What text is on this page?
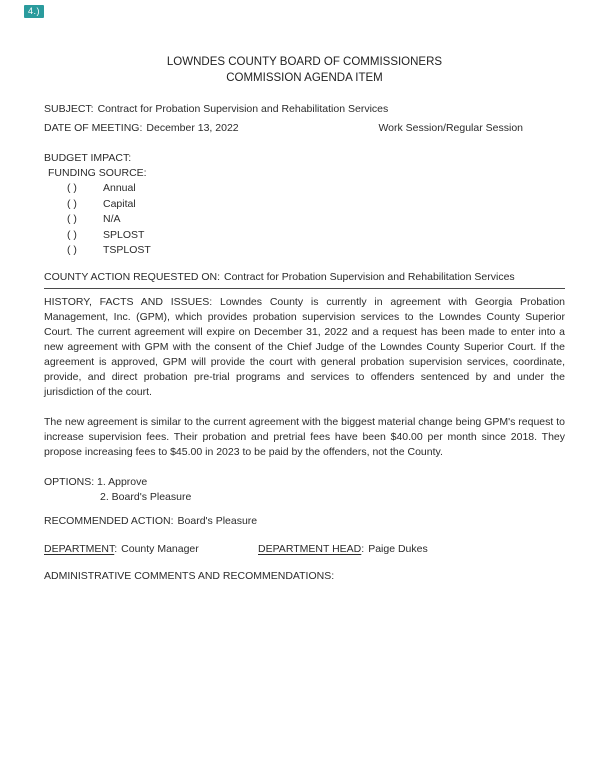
4.)
LOWNDES COUNTY BOARD OF COMMISSIONERS
COMMISSION AGENDA ITEM
SUBJECT: Contract for Probation Supervision and Rehabilitation Services
DATE OF MEETING: December 13, 2022	Work Session/Regular Session
BUDGET IMPACT:
FUNDING SOURCE:
( ) Annual
( ) Capital
( ) N/A
( ) SPLOST
( ) TSPLOST
COUNTY ACTION REQUESTED ON: Contract for Probation Supervision and Rehabilitation Services

HISTORY, FACTS AND ISSUES: Lowndes County is currently in agreement with Georgia Probation Management, Inc. (GPM), which provides probation supervision services to the Lowndes County Superior Court. The current agreement will expire on December 31, 2022 and a request has been made to enter into a new agreement with GPM with the consent of the Chief Judge of the Lowndes County Superior Court. If the agreement is approved, GPM will provide the court with general probation supervision services, coordinate, provide, and direct probation pre-trial programs and services to offenders sentenced by and under the jurisdiction of the court.

The new agreement is similar to the current agreement with the biggest material change being GPM's request to increase supervision fees. Their probation and pretrial fees have been $40.00 per month since 2018. They propose increasing fees to $45.00 in 2023 to be paid by the offenders, not the County.

OPTIONS: 1. Approve
2. Board's Pleasure
RECOMMENDED ACTION: Board's Pleasure
DEPARTMENT: County Manager	DEPARTMENT HEAD: Paige Dukes
ADMINISTRATIVE COMMENTS AND RECOMMENDATIONS:
